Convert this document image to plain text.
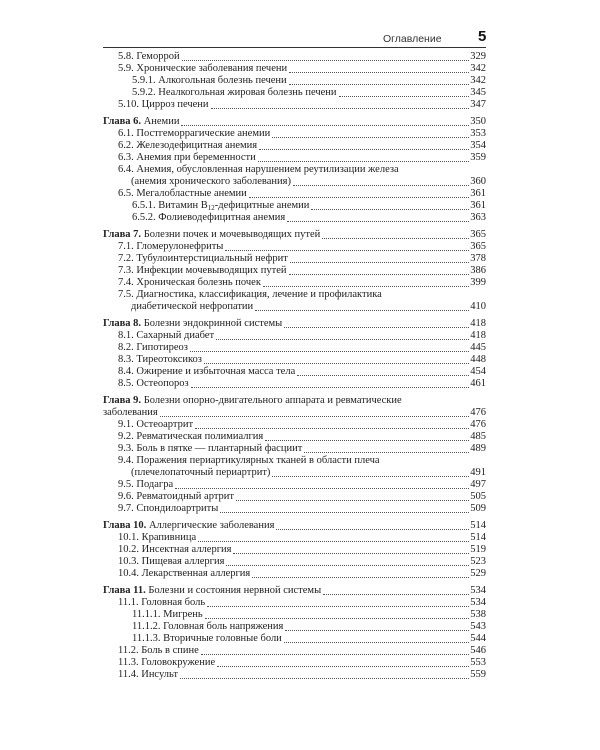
Оглавление 5
5.8. Геморрой	329
5.9. Хронические заболевания печени	342
5.9.1. Алкогольная болезнь печени	342
5.9.2. Неалкогольная жировая болезнь печени	345
5.10. Цирроз печени	347
Глава 6. Анемии	350
6.1. Постгеморрагические анемии	353
6.2. Железодефицитная анемия	354
6.3. Анемия при беременности	359
6.4. Анемия, обусловленная нарушением реутилизации железа
(анемия хронического заболевания)	360
6.5. Мегалобластные анемии	361
6.5.1. Витамин $В_{12}$-дефицитные анемии	361
6.5.2. Фолиеводефицитная анемия	363
Глава 7. Болезни почек и мочевыводящих путей	365
7.1. Гломерулонефриты	365
7.2. Тубулоинтерстициальный нефрит	378
7.3. Инфекции мочевыводящих путей	386
7.4. Хроническая болезнь почек	399
7.5. Диагностика, классификация, лечение и профилактика
диабетической нефропатии	410
Глава 8. Болезни эндокринной системы	418
8.1. Сахарный диабет	418
8.2. Гипотиреоз	445
8.3. Тиреотоксикоз	448
8.4. Ожирение и избыточная масса тела	454
8.5. Остеопороз	461
Глава 9. Болезни опорно-двигательного аппарата и ревматические
заболевания	476
9.1. Остеоартрит	476
9.2. Ревматическая полимиалгия	485
9.3. Боль в пятке — плантарный фасциит	489
9.4. Поражения периартикулярных тканей в области плеча
(плечелопаточный периартрит)	491
9.5. Подагра	497
9.6. Ревматоидный артрит	505
9.7. Спондилоартриты	509
Глава 10. Аллергические заболевания	514
10.1. Крапивница	514
10.2. Инсектная аллергия	519
10.3. Пищевая аллергия	523
10.4. Лекарственная аллергия	529
Глава 11. Болезни и состояния нервной системы	534
11.1. Головная боль	534
11.1.1. Мигрень	538
11.1.2. Головная боль напряжения	543
11.1.3. Вторичные головные боли	544
11.2. Боль в спине	546
11.3. Головокружение	553
11.4. Инсульт	559
